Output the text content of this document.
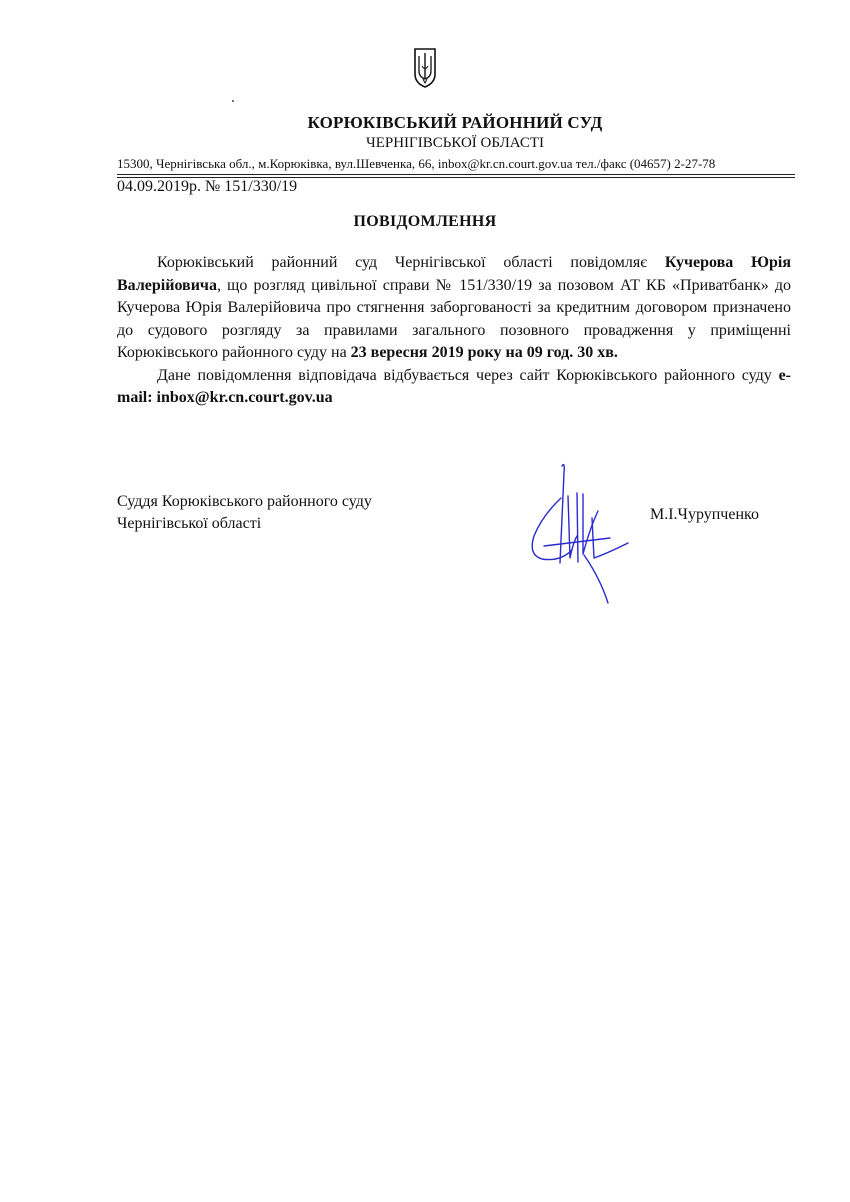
КОРЮКІВСЬКИЙ РАЙОННИЙ СУД
ЧЕРНІГІВСЬКОЇ ОБЛАСТІ
15300, Чернігівська обл., м.Корюківка, вул.Шевченка, 66, inbox@kr.cn.court.gov.ua тел./факс (04657) 2-27-78
04.09.2019р. № 151/330/19
ПОВІДОМЛЕННЯ

Корюківський районний суд Чернігівської області повідомляє Кучерова Юрія Валерійовича, що розгляд цивільної справи № 151/330/19 за позовом АТ КБ «Приватбанк» до Кучерова Юрія Валерійовича про стягнення заборгованості за кредитним договором призначено до судового розгляду за правилами загального позовного провадження у приміщенні Корюківського районного суду на 23 вересня 2019 року на 09 год. 30 хв.

Дане повідомлення відповідача відбувається через сайт Корюківського районного суду e-mail: inbox@kr.cn.court.gov.ua

Суддя Корюківського районного суду
Чернігівської області
М.І.Чурупченко
